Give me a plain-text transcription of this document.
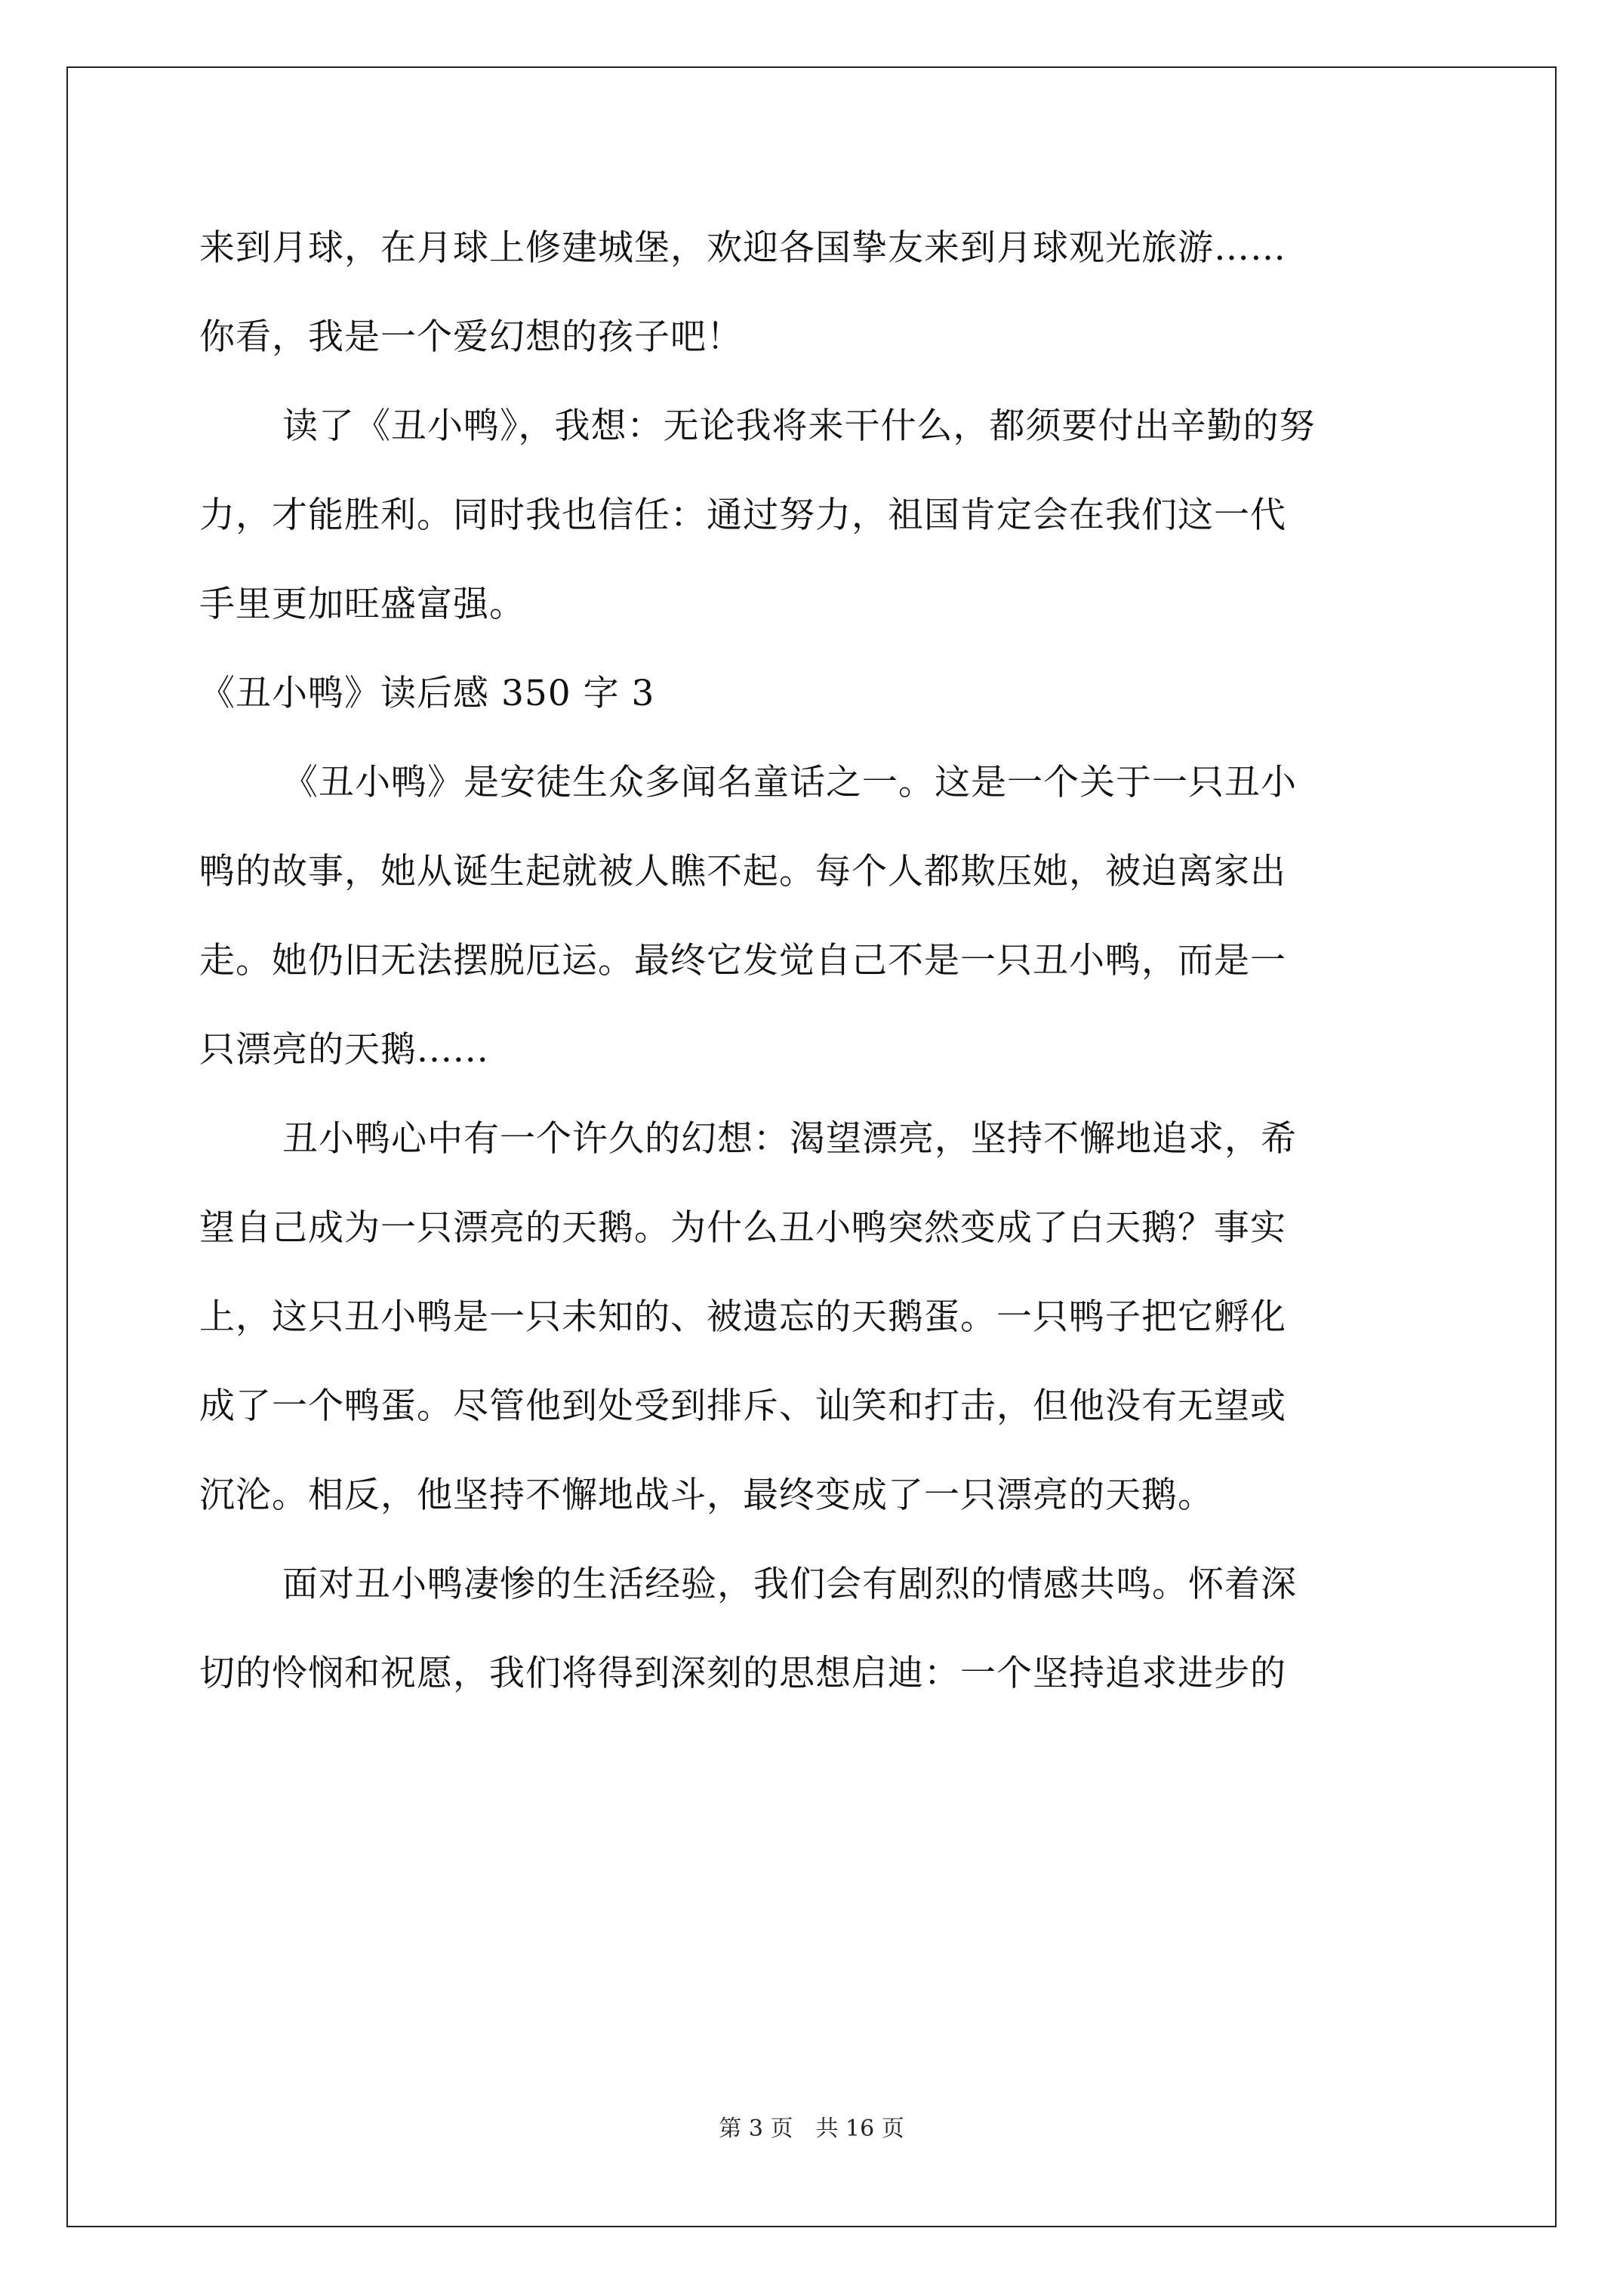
来到月球，在月球上修建城堡，欢迎各国挚友来到月球观光旅游……
你看，我是一个爱幻想的孩子吧！
读了《丑小鸭》，我想：无论我将来干什么，都须要付出辛勤的努
力，才能胜利。同时我也信任：通过努力，祖国肯定会在我们这一代
手里更加旺盛富强。
《丑小鸭》读后感 350 字 3
《丑小鸭》是安徒生众多闻名童话之一。这是一个关于一只丑小
鸭的故事，她从诞生起就被人瞧不起。每个人都欺压她，被迫离家出
走。她仍旧无法摆脱厄运。最终它发觉自己不是一只丑小鸭，而是一
只漂亮的天鹅......
丑小鸭心中有一个许久的幻想：渴望漂亮，坚持不懈地追求，希
望自己成为一只漂亮的天鹅。为什么丑小鸭突然变成了白天鹅？事实
上，这只丑小鸭是一只未知的、被遗忘的天鹅蛋。一只鸭子把它孵化
成了一个鸭蛋。尽管他到处受到排斥、讪笑和打击，但他没有无望或
沉沦。相反，他坚持不懈地战斗，最终变成了一只漂亮的天鹅。
面对丑小鸭凄惨的生活经验，我们会有剧烈的情感共鸣。怀着深
切的怜悯和祝愿，我们将得到深刻的思想启迪：一个坚持追求进步的
第 3 页　共 16 页
